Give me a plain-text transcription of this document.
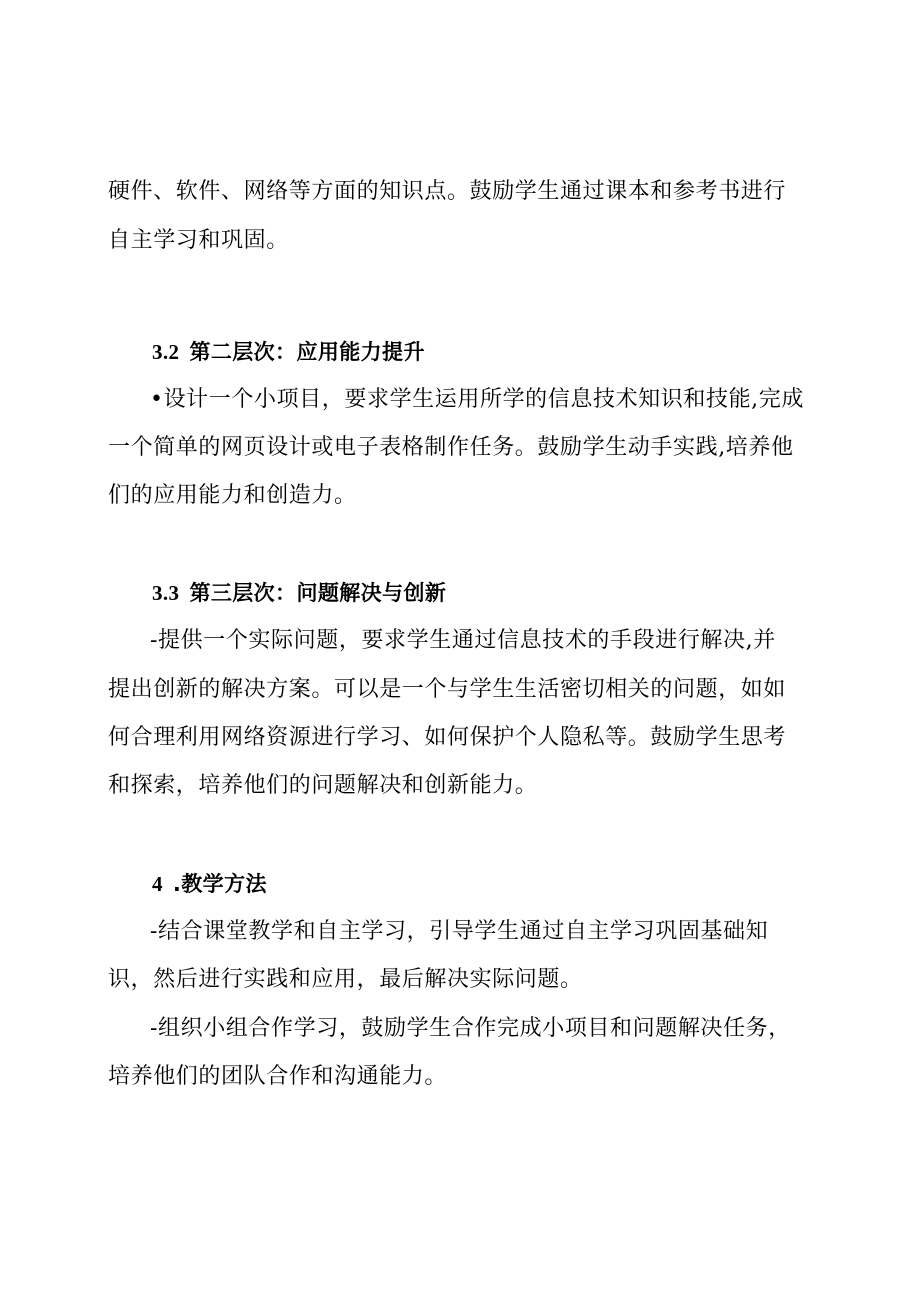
硬件、软件、网络等方面的知识点。鼓励学生通过课本和参考书进行
自主学习和巩固。
3.2 第二层次：应用能力提升
•设计一个小项目，要求学生运用所学的信息技术知识和技能,完成
一个简单的网页设计或电子表格制作任务。鼓励学生动手实践,培养他
们的应用能力和创造力。
3.3 第三层次：问题解决与创新
-提供一个实际问题，要求学生通过信息技术的手段进行解决,并
提出创新的解决方案。可以是一个与学生生活密切相关的问题，如如
何合理利用网络资源进行学习、如何保护个人隐私等。鼓励学生思考
和探索，培养他们的问题解决和创新能力。
4 .教学方法
-结合课堂教学和自主学习，引导学生通过自主学习巩固基础知
识，然后进行实践和应用，最后解决实际问题。
-组织小组合作学习，鼓励学生合作完成小项目和问题解决任务，
培养他们的团队合作和沟通能力。
